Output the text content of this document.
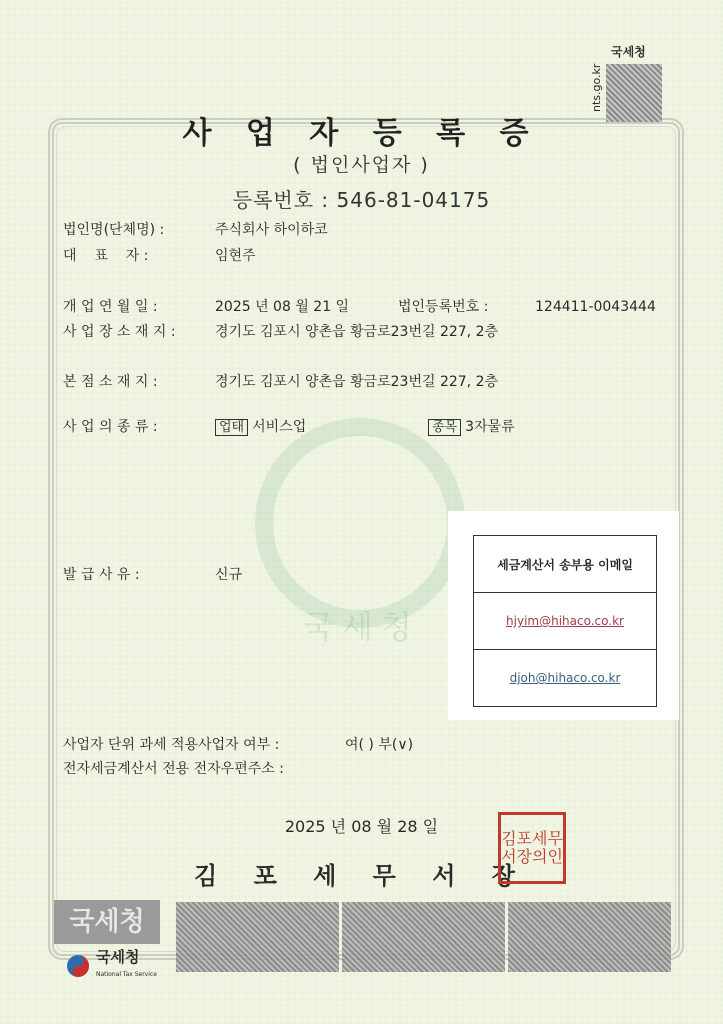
국세청
nts.go.kr
사 업 자 등 록 증
( 법인사업자 )
등록번호 : 546-81-04175
법인명(단체명) :	주식회사 하이하코
대    표    자 :	임현주
개 업 연 월 일 :	2025 년 08 월 21 일	법인등록번호 :	124411-0043444
사 업 장 소 재 지 :	경기도 김포시 양촌읍 황금로23번길 227, 2층
본 점 소 재 지 :	경기도 김포시 양촌읍 황금로23번길 227, 2층
사 업 의 종 류 :	업태 서비스업	종목 3자물류
발 급 사 유 :	신규
국세청
세금계산서 송부용 이메일
hjyim@hihaco.co.kr
djoh@hihaco.co.kr
사업자 단위 과세 적용사업자 여부 :	여( ) 부(∨)
전자세금계산서 전용 전자우편주소 :
2025 년 08 월 28 일
김 포 세 무 서 장
김포세무서장의인
국세청
국세청
National Tax Service
